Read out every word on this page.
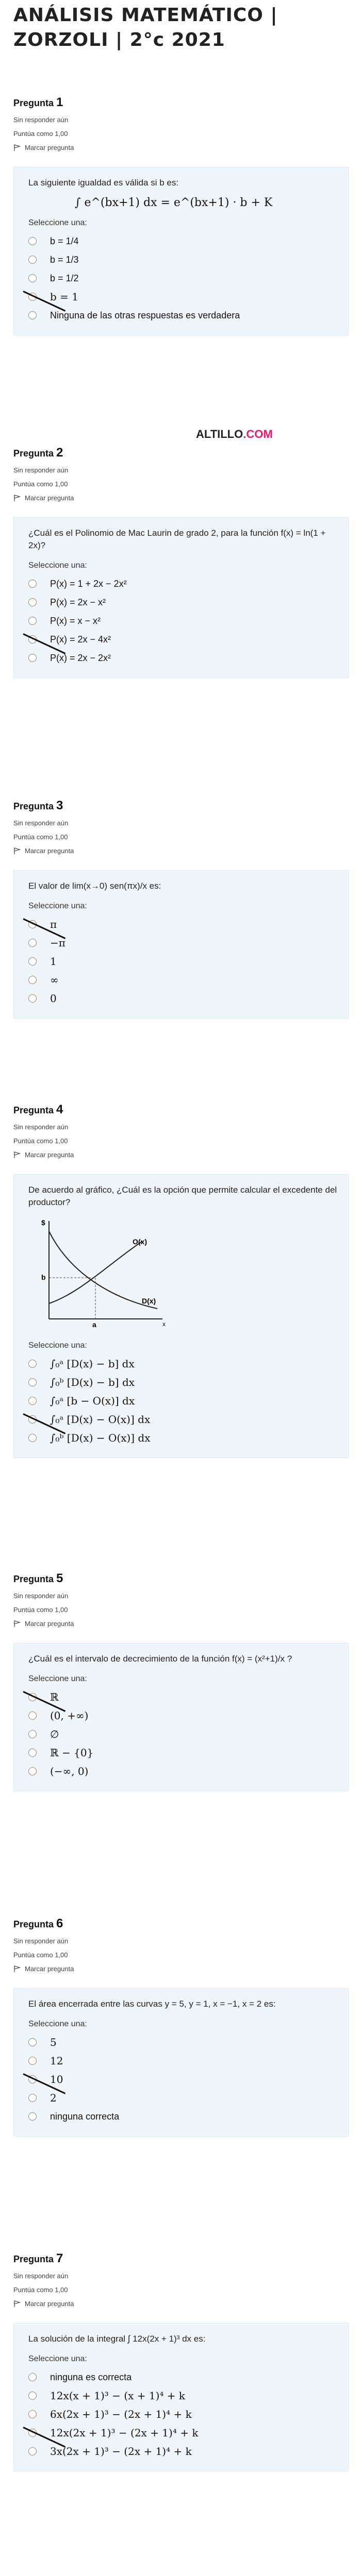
ANÁLISIS MATEMÁTICO | ZORZOLI | 2°c 2021
ALTILLO.COM
Pregunta 1
Sin responder aún
Puntúa como 1,00
Marcar pregunta
La siguiente igualdad es válida si b es:
∫ e^(bx+1) dx = e^(bx+1) · b + K
Seleccione una:
b = 1/4
b = 1/3
b = 1/2
b = 1
Ninguna de las otras respuestas es verdadera
Pregunta 2
Sin responder aún
Puntúa como 1,00
Marcar pregunta
¿Cuál es el Polinomio de Mac Laurin de grado 2, para la función f(x) = ln(1 + 2x)?
Seleccione una:
P(x) = 1 + 2x − 2x²
P(x) = 2x − x²
P(x) = x − x²
P(x) = 2x − 4x²
P(x) = 2x − 2x²
Pregunta 3
Sin responder aún
Puntúa como 1,00
Marcar pregunta
El valor de lim(x→0) sen(πx)/x es:
Seleccione una:
π
−π
1
∞
0
Pregunta 4
Sin responder aún
Puntúa como 1,00
Marcar pregunta
De acuerdo al gráfico, ¿Cuál es la opción que permite calcular el excedente del productor?
$
b
a
O(x)
D(x)
x
Seleccione una:
∫₀ᵃ [D(x) − b] dx
∫₀ᵇ [D(x) − b] dx
∫₀ᵃ [b − O(x)] dx
∫₀ᵃ [D(x) − O(x)] dx
∫₀ᵇ [D(x) − O(x)] dx
Pregunta 5
Sin responder aún
Puntúa como 1,00
Marcar pregunta
¿Cuál es el intervalo de decrecimiento de la función f(x) = (x²+1)/x ?
Seleccione una:
ℝ
(0, +∞)
∅
ℝ − {0}
(−∞, 0)
Pregunta 6
Sin responder aún
Puntúa como 1,00
Marcar pregunta
El área encerrada entre las curvas y = 5, y = 1, x = −1, x = 2 es:
Seleccione una:
5
12
10
2
ninguna correcta
Pregunta 7
Sin responder aún
Puntúa como 1,00
Marcar pregunta
La solución de la integral ∫ 12x(2x + 1)³ dx es:
Seleccione una:
ninguna es correcta
12x(x + 1)³ − (x + 1)⁴ + k
6x(2x + 1)³ − (2x + 1)⁴ + k
12x(2x + 1)³ − (2x + 1)⁴ + k
3x(2x + 1)³ − (2x + 1)⁴ + k
